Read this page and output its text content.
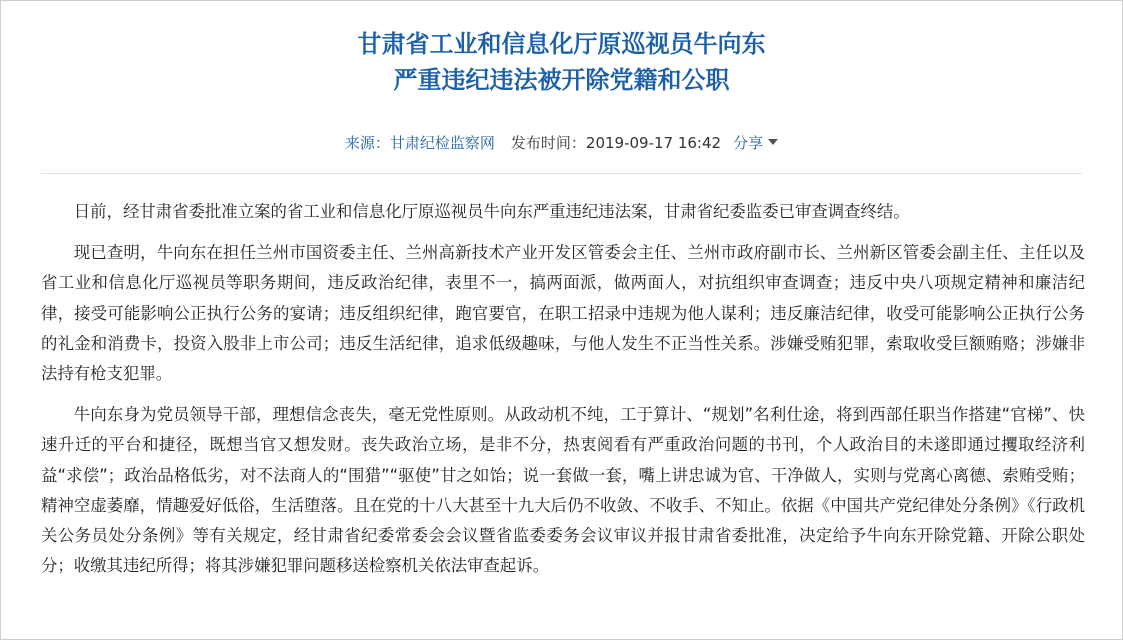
甘肃省工业和信息化厅原巡视员牛向东
严重违纪违法被开除党籍和公职
来源：甘肃纪检监察网 发布时间：2019-09-17 16:42 分享

日前，经甘肃省委批准立案的省工业和信息化厅原巡视员牛向东严重违纪违法案，甘肃省纪委监委已审查调查终结。

现已查明，牛向东在担任兰州市国资委主任、兰州高新技术产业开发区管委会主任、兰州市政府副市长、兰州新区管委会副主任、主任以及省工业和信息化厅巡视员等职务期间，违反政治纪律，表里不一，搞两面派，做两面人，对抗组织审查调查；违反中央八项规定精神和廉洁纪律，接受可能影响公正执行公务的宴请；违反组织纪律，跑官要官，在职工招录中违规为他人谋利；违反廉洁纪律，收受可能影响公正执行公务的礼金和消费卡，投资入股非上市公司；违反生活纪律，追求低级趣味，与他人发生不正当性关系。涉嫌受贿犯罪，索取收受巨额贿赂；涉嫌非法持有枪支犯罪。

牛向东身为党员领导干部，理想信念丧失，毫无党性原则。从政动机不纯，工于算计、“规划”名利仕途，将到西部任职当作搭建“官梯”、快速升迁的平台和捷径，既想当官又想发财。丧失政治立场，是非不分，热衷阅看有严重政治问题的书刊，个人政治目的未遂即通过攫取经济利益“求偿”；政治品格低劣，对不法商人的“围猎”“驱使”甘之如饴；说一套做一套，嘴上讲忠诚为官、干净做人，实则与党离心离德、索贿受贿；精神空虚萎靡，情趣爱好低俗，生活堕落。且在党的十八大甚至十九大后仍不收敛、不收手、不知止。依据《中国共产党纪律处分条例》《行政机关公务员处分条例》等有关规定，经甘肃省纪委常委会会议暨省监委委务会议审议并报甘肃省委批准，决定给予牛向东开除党籍、开除公职处分；收缴其违纪所得；将其涉嫌犯罪问题移送检察机关依法审查起诉。
